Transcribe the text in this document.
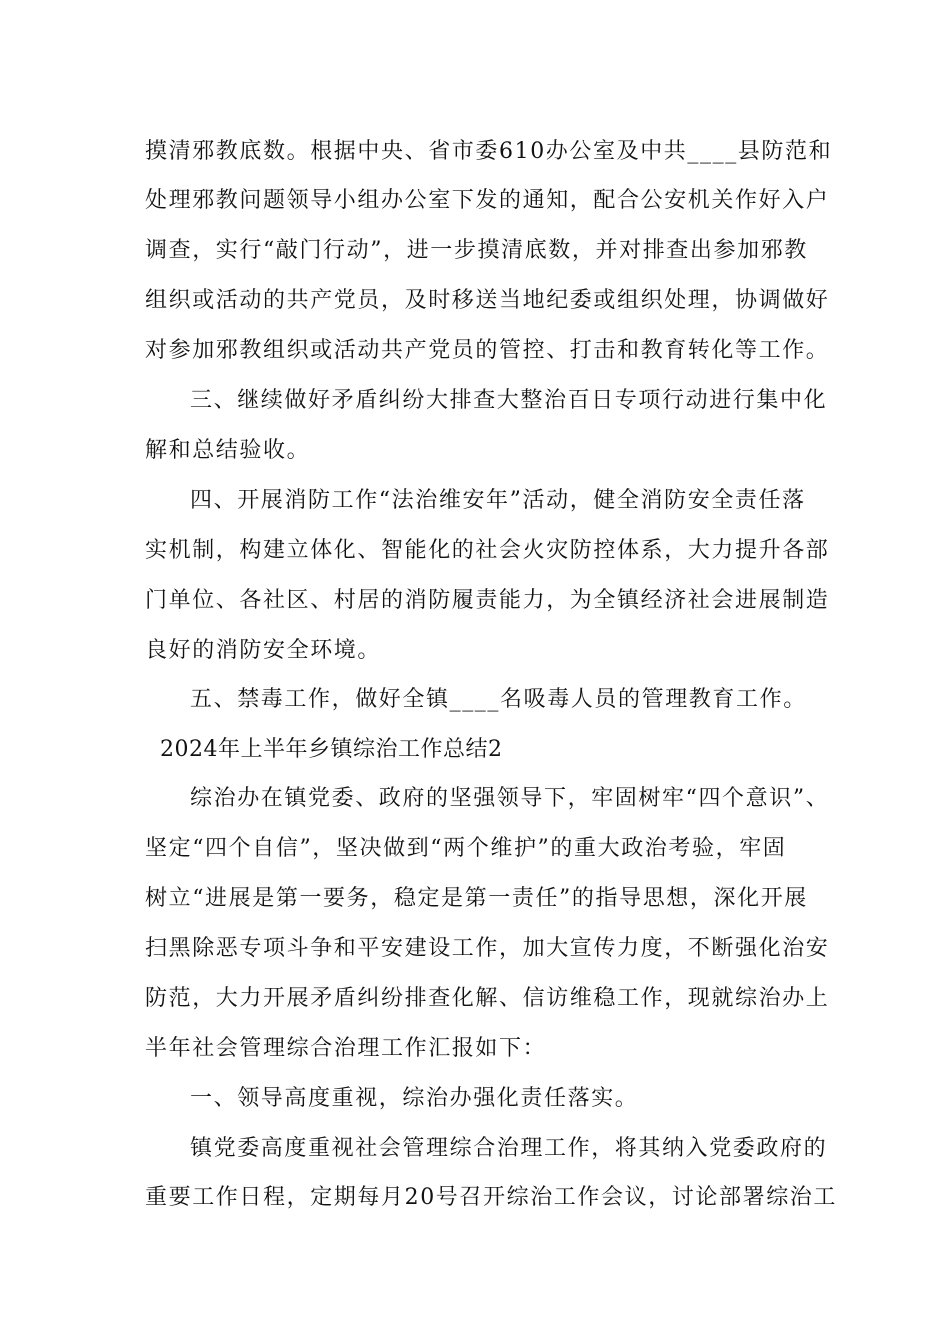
摸清邪教底数。根据中央、省市委610办公室及中共____县防范和
处理邪教问题领导小组办公室下发的通知，配合公安机关作好入户
调查，实行“敲门行动”，进一步摸清底数，并对排查出参加邪教
组织或活动的共产党员，及时移送当地纪委或组织处理，协调做好
对参加邪教组织或活动共产党员的管控、打击和教育转化等工作。
三、继续做好矛盾纠纷大排查大整治百日专项行动进行集中化
解和总结验收。
四、开展消防工作“法治维安年”活动，健全消防安全责任落
实机制，构建立体化、智能化的社会火灾防控体系，大力提升各部
门单位、各社区、村居的消防履责能力，为全镇经济社会进展制造
良好的消防安全环境。
五、禁毒工作，做好全镇____名吸毒人员的管理教育工作。
2024年上半年乡镇综治工作总结2
综治办在镇党委、政府的坚强领导下，牢固树牢“四个意识”、
坚定“四个自信”，坚决做到“两个维护”的重大政治考验，牢固
树立“进展是第一要务，稳定是第一责任”的指导思想，深化开展
扫黑除恶专项斗争和平安建设工作，加大宣传力度，不断强化治安
防范，大力开展矛盾纠纷排查化解、信访维稳工作，现就综治办上
半年社会管理综合治理工作汇报如下：
一、领导高度重视，综治办强化责任落实。
镇党委高度重视社会管理综合治理工作，将其纳入党委政府的
重要工作日程，定期每月20号召开综治工作会议，讨论部署综治工
